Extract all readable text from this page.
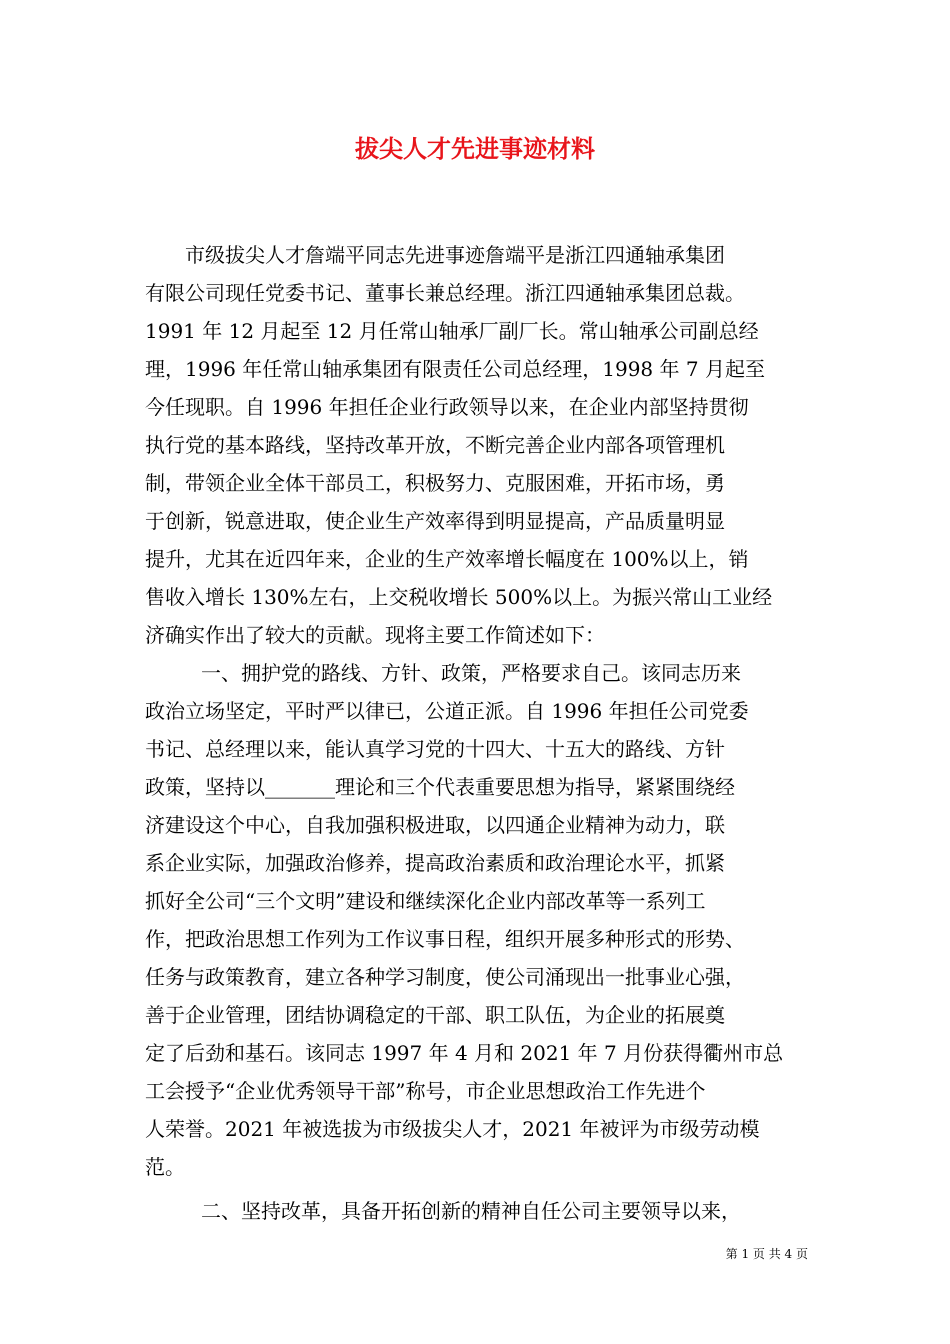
拔尖人才先进事迹材料
市级拔尖人才詹端平同志先进事迹詹端平是浙江四通轴承集团
有限公司现任党委书记、董事长兼总经理。浙江四通轴承集团总裁。
1991 年 12 月起至 12 月任常山轴承厂副厂长。常山轴承公司副总经
理，1996 年任常山轴承集团有限责任公司总经理，1998 年 7 月起至
今任现职。自 1996 年担任企业行政领导以来，在企业内部坚持贯彻
执行党的基本路线，坚持改革开放，不断完善企业内部各项管理机
制，带领企业全体干部员工，积极努力、克服困难，开拓市场，勇
于创新，锐意进取，使企业生产效率得到明显提高，产品质量明显
提升，尤其在近四年来，企业的生产效率增长幅度在 100%以上，销
售收入增长 130%左右，上交税收增长 500%以上。为振兴常山工业经
济确实作出了较大的贡献。现将主要工作简述如下：
一、拥护党的路线、方针、政策，严格要求自己。该同志历来
政治立场坚定，平时严以律已，公道正派。自 1996 年担任公司党委
书记、总经理以来，能认真学习党的十四大、十五大的路线、方针
政策，坚持以_______理论和三个代表重要思想为指导，紧紧围绕经
济建设这个中心，自我加强积极进取，以四通企业精神为动力，联
系企业实际，加强政治修养，提高政治素质和政治理论水平，抓紧
抓好全公司“三个文明”建设和继续深化企业内部改革等一系列工
作，把政治思想工作列为工作议事日程，组织开展多种形式的形势、
任务与政策教育，建立各种学习制度，使公司涌现出一批事业心强，
善于企业管理，团结协调稳定的干部、职工队伍，为企业的拓展奠
定了后劲和基石。该同志 1997 年 4 月和 2021 年 7 月份获得衢州市总
工会授予“企业优秀领导干部”称号，市企业思想政治工作先进个
人荣誉。2021 年被选拔为市级拔尖人才，2021 年被评为市级劳动模
范。
二、坚持改革，具备开拓创新的精神自任公司主要领导以来，
第 1 页 共 4 页
